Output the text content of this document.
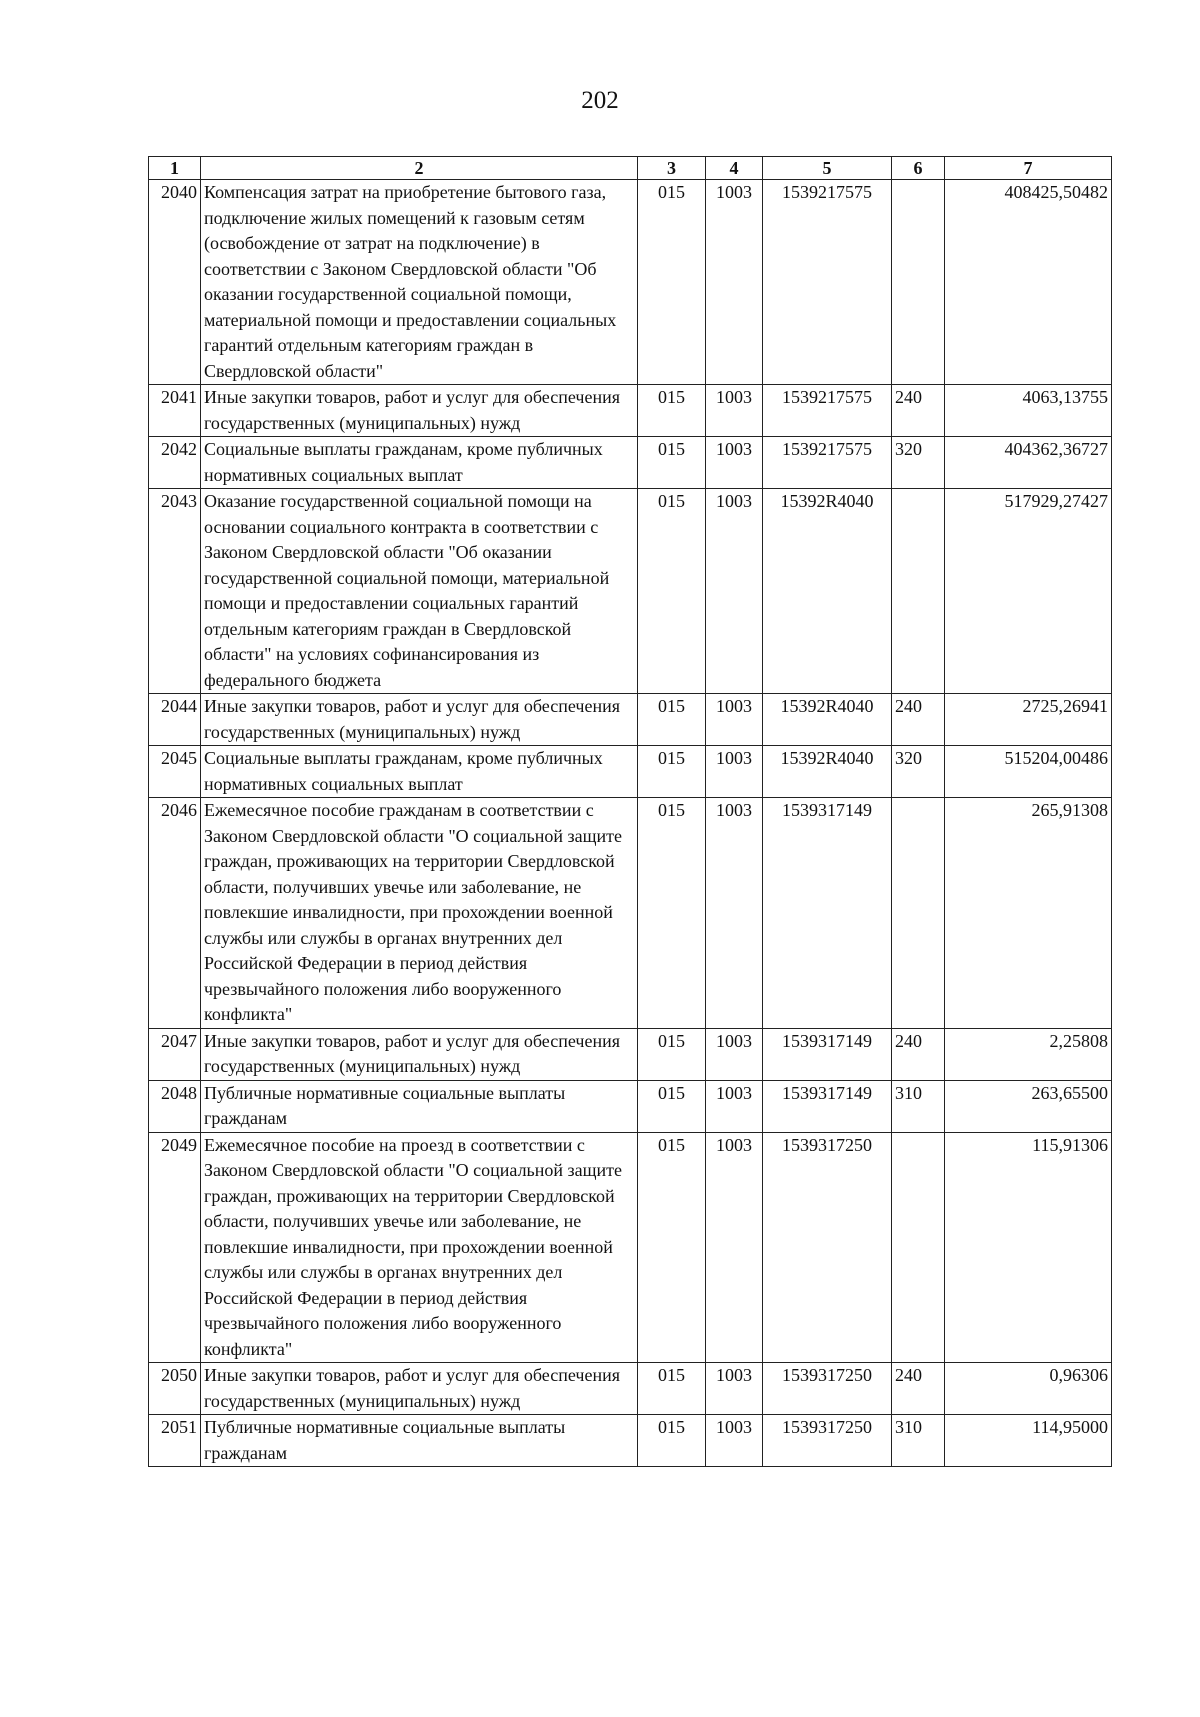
202
1	2	3	4	5	6	7
2040	Компенсация затрат на приобретение бытового газа, подключение жилых помещений к газовым сетям (освобождение от затрат на подключение) в соответствии с Законом Свердловской области "Об оказании государственной социальной помощи, материальной помощи и предоставлении социальных гарантий отдельным категориям граждан в Свердловской области"	015	1003	1539217575		408425,50482
2041	Иные закупки товаров, работ и услуг для обеспечения государственных (муниципальных) нужд	015	1003	1539217575	240	4063,13755
2042	Социальные выплаты гражданам, кроме публичных нормативных социальных выплат	015	1003	1539217575	320	404362,36727
2043	Оказание государственной социальной помощи на основании социального контракта в соответствии с Законом Свердловской области "Об оказании государственной социальной помощи, материальной помощи и предоставлении социальных гарантий отдельным категориям граждан в Свердловской области" на условиях софинансирования из федерального бюджета	015	1003	15392R4040		517929,27427
2044	Иные закупки товаров, работ и услуг для обеспечения государственных (муниципальных) нужд	015	1003	15392R4040	240	2725,26941
2045	Социальные выплаты гражданам, кроме публичных нормативных социальных выплат	015	1003	15392R4040	320	515204,00486
2046	Ежемесячное пособие гражданам в соответствии с Законом Свердловской области "О социальной защите граждан, проживающих на территории Свердловской области, получивших увечье или заболевание, не повлекшие инвалидности, при прохождении военной службы или службы в органах внутренних дел Российской Федерации в период действия чрезвычайного положения либо вооруженного конфликта"	015	1003	1539317149		265,91308
2047	Иные закупки товаров, работ и услуг для обеспечения государственных (муниципальных) нужд	015	1003	1539317149	240	2,25808
2048	Публичные нормативные социальные выплаты гражданам	015	1003	1539317149	310	263,65500
2049	Ежемесячное пособие на проезд в соответствии с Законом Свердловской области "О социальной защите граждан, проживающих на территории Свердловской области, получивших увечье или заболевание, не повлекшие инвалидности, при прохождении военной службы или службы в органах внутренних дел Российской Федерации в период действия чрезвычайного положения либо вооруженного конфликта"	015	1003	1539317250		115,91306
2050	Иные закупки товаров, работ и услуг для обеспечения государственных (муниципальных) нужд	015	1003	1539317250	240	0,96306
2051	Публичные нормативные социальные выплаты гражданам	015	1003	1539317250	310	114,95000
